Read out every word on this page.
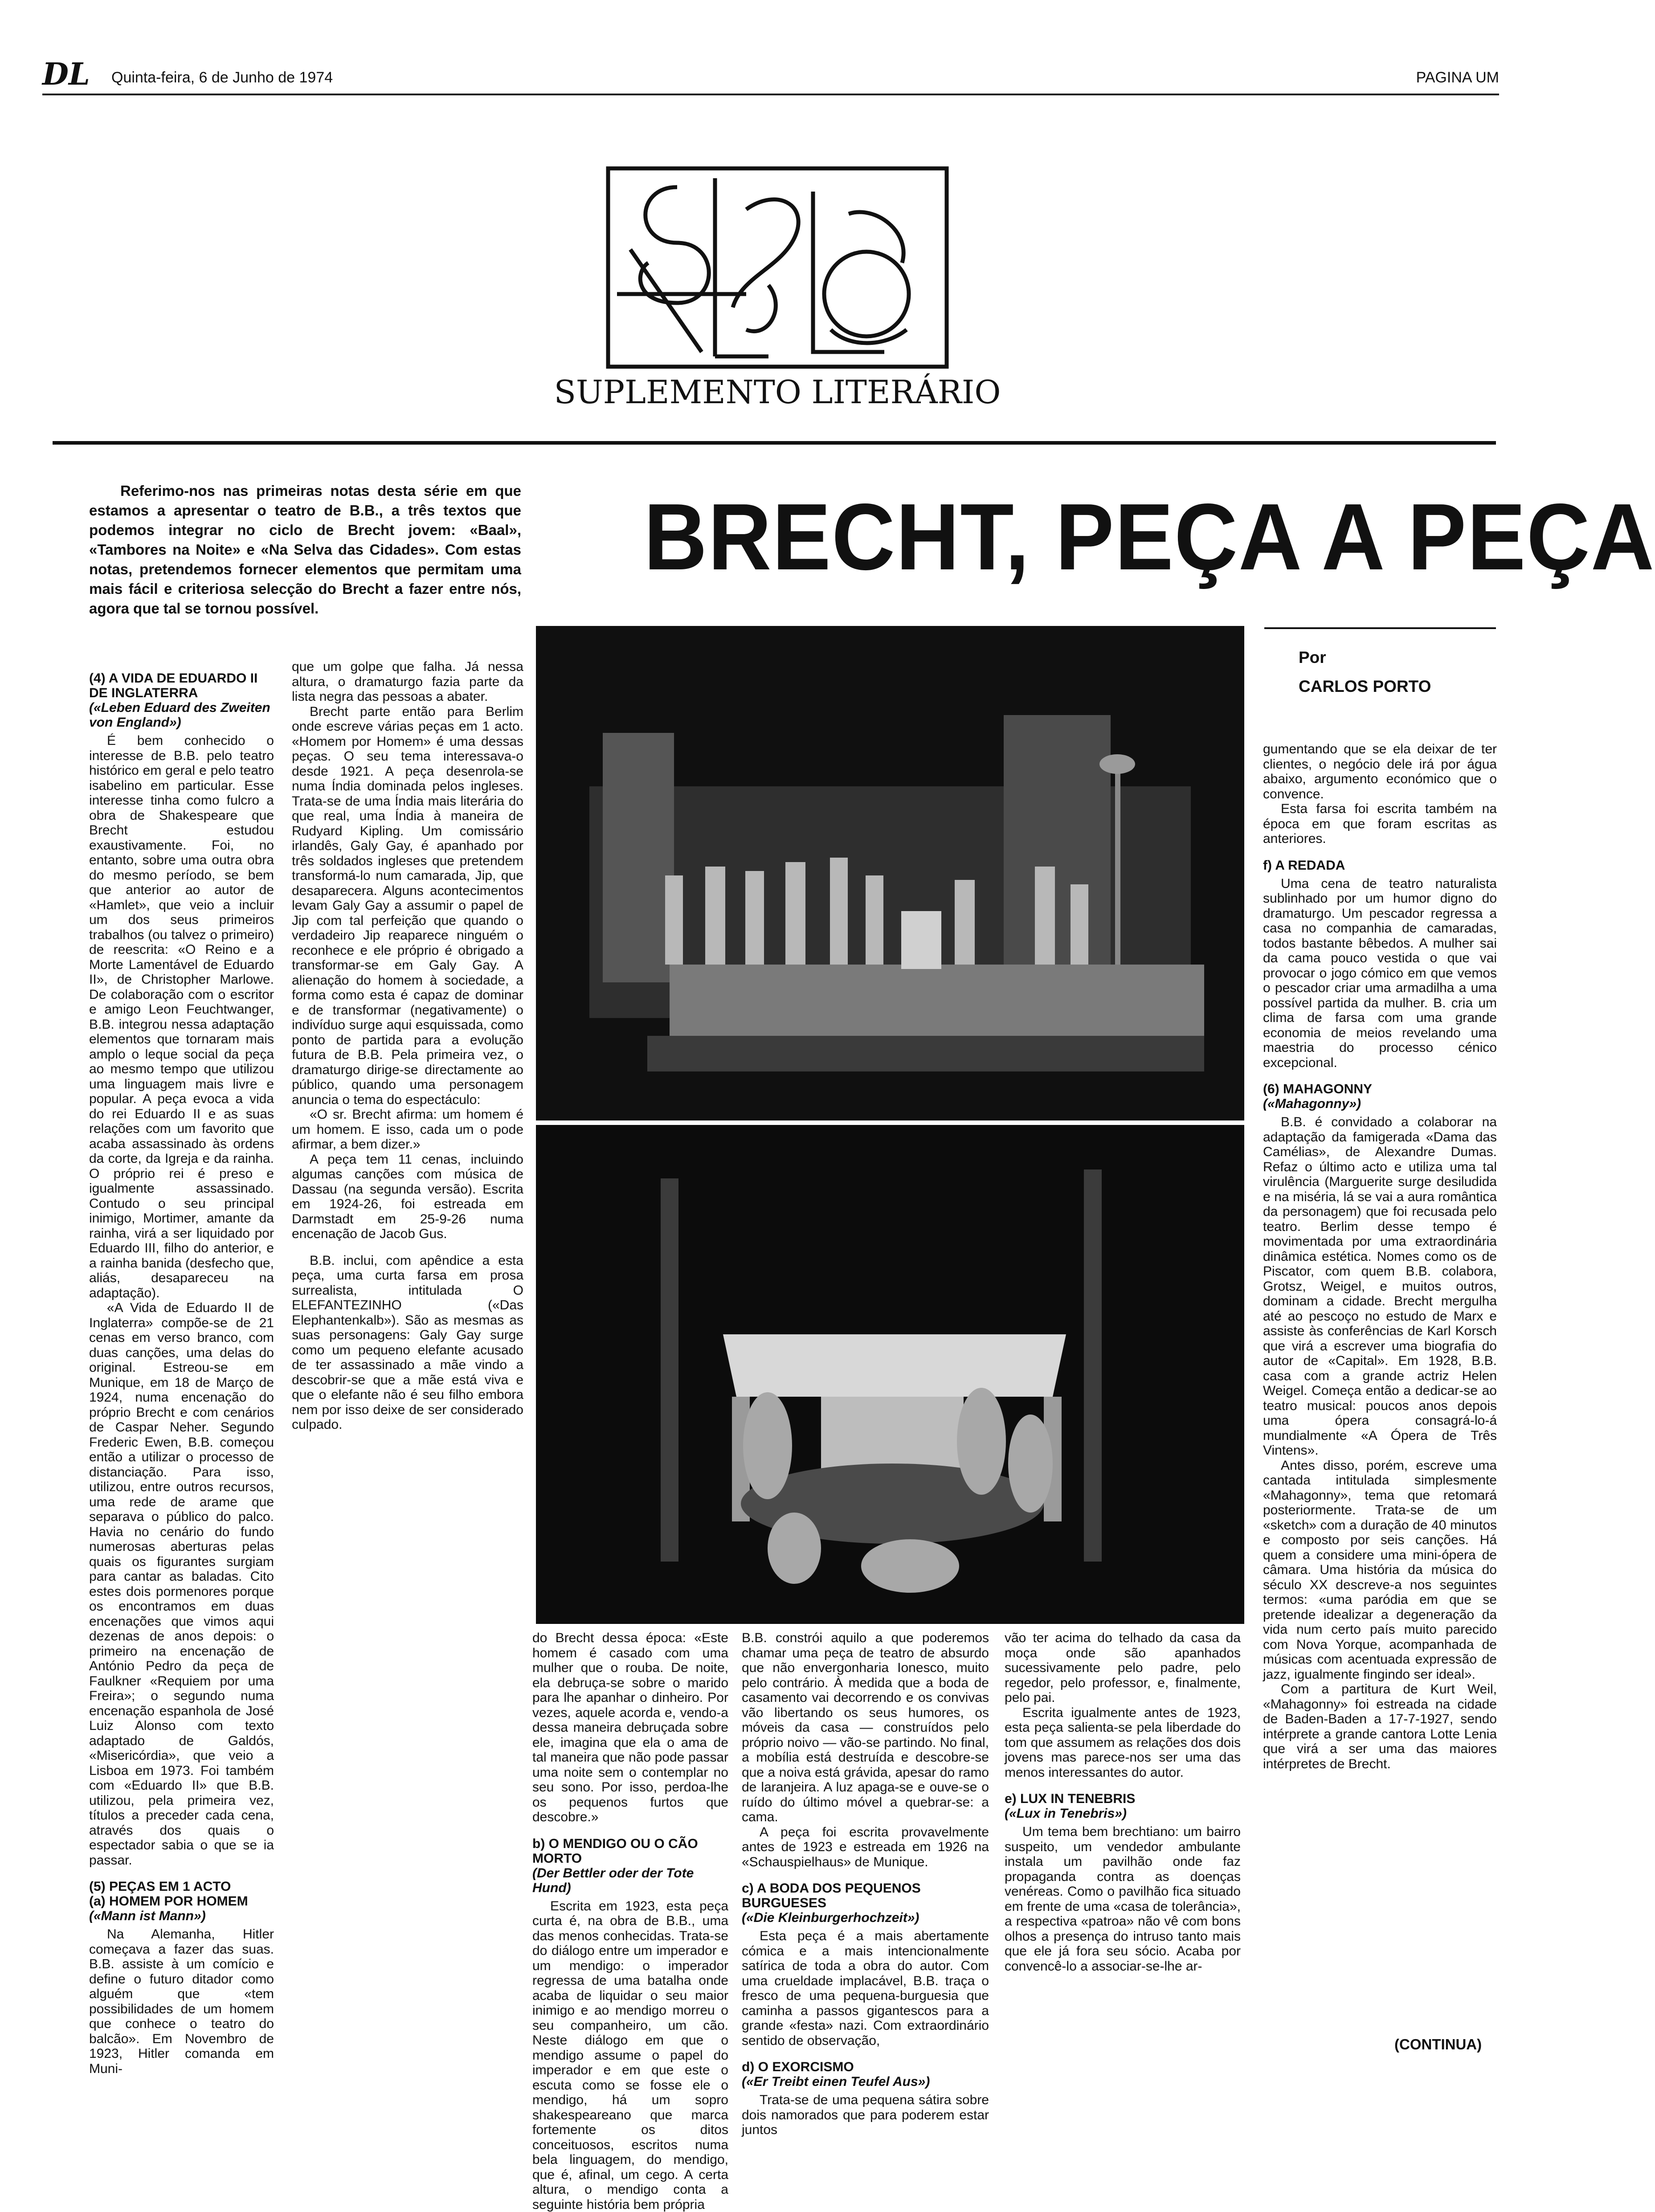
DL Quinta-feira, 6 de Junho de 1974	PAGINA UM
SUPLEMENTO LITERÁRIO
Referimo-nos nas primeiras notas desta série em que estamos a apresentar o teatro de B.B., a três textos que podemos integrar no ciclo de Brecht jovem: «Baal», «Tambores na Noite» e «Na Selva das Cidades». Com estas notas, pretendemos fornecer elementos que permitam uma mais fácil e criteriosa selecção do Brecht a fazer entre nós, agora que tal se tornou possível.
BRECHT, PEÇA A PEÇA
Por
CARLOS PORTO
(4) A VIDA DE EDUARDO II DE INGLATERRA
(«Leben Eduard des Zweiten von England»)

É bem conhecido o interesse de B.B. pelo teatro histórico em geral e pelo teatro isabelino em particular. Esse interesse tinha como fulcro a obra de Shakespeare que Brecht estudou exaustivamente. Foi, no entanto, sobre uma outra obra do mesmo período, se bem que anterior ao autor de «Hamlet», que veio a incluir um dos seus primeiros trabalhos (ou talvez o primeiro) de reescrita: «O Reino e a Morte Lamentável de Eduardo II», de Christopher Marlowe. De colaboração com o escritor e amigo Leon Feuchtwanger, B.B. integrou nessa adaptação elementos que tornaram mais amplo o leque social da peça ao mesmo tempo que utilizou uma linguagem mais livre e popular. A peça evoca a vida do rei Eduardo II e as suas relações com um favorito que acaba assassinado às ordens da corte, da Igreja e da rainha. O próprio rei é preso e igualmente assassinado. Contudo o seu principal inimigo, Mortimer, amante da rainha, virá a ser liquidado por Eduardo III, filho do anterior, e a rainha banida (desfecho que, aliás, desapareceu na adaptação).

«A Vida de Eduardo II de Inglaterra» compõe-se de 21 cenas em verso branco, com duas canções, uma delas do original. Estreou-se em Munique, em 18 de Março de 1924, numa encenação do próprio Brecht e com cenários de Caspar Neher. Segundo Frederic Ewen, B.B. começou então a utilizar o processo de distanciação. Para isso, utilizou, entre outros recursos, uma rede de arame que separava o público do palco. Havia no cenário do fundo numerosas aberturas pelas quais os figurantes surgiam para cantar as baladas. Cito estes dois pormenores porque os encontramos em duas encenações que vimos aqui dezenas de anos depois: o primeiro na encenação de António Pedro da peça de Faulkner «Requiem por uma Freira»; o segundo numa encenação espanhola de José Luiz Alonso com texto adaptado de Galdós, «Misericórdia», que veio a Lisboa em 1973. Foi também com «Eduardo II» que B.B. utilizou, pela primeira vez, títulos a preceder cada cena, através dos quais o espectador sabia o que se ia passar.

(5) PEÇAS EM 1 ACTO
(a) HOMEM POR HOMEM
(«Mann ist Mann»)

Na Alemanha, Hitler começava a fazer das suas. B.B. assiste à um comício e define o futuro ditador como alguém que «tem possibilidades de um homem que conhece o teatro do balcão». Em Novembro de 1923, Hitler comanda em Muni-

que um golpe que falha. Já nessa altura, o dramaturgo fazia parte da lista negra das pessoas a abater.

Brecht parte então para Berlim onde escreve várias peças em 1 acto. «Homem por Homem» é uma dessas peças. O seu tema interessava-o desde 1921. A peça desenrola-se numa Índia dominada pelos ingleses. Trata-se de uma Índia mais literária do que real, uma Índia à maneira de Rudyard Kipling. Um comissário irlandês, Galy Gay, é apanhado por três soldados ingleses que pretendem transformá-lo num camarada, Jip, que desaparecera. Alguns acontecimentos levam Galy Gay a assumir o papel de Jip com tal perfeição que quando o verdadeiro Jip reaparece ninguém o reconhece e ele próprio é obrigado a transformar-se em Galy Gay. A alienação do homem à sociedade, a forma como esta é capaz de dominar e de transformar (negativamente) o indivíduo surge aqui esquissada, como ponto de partida para a evolução futura de B.B. Pela primeira vez, o dramaturgo dirige-se directamente ao público, quando uma personagem anuncia o tema do espectáculo:

«O sr. Brecht afirma: um homem é um homem. E isso, cada um o pode afirmar, a bem dizer.»

A peça tem 11 cenas, incluindo algumas canções com música de Dassau (na segunda versão). Escrita em 1924-26, foi estreada em Darmstadt em 25-9-26 numa encenação de Jacob Gus.

B.B. inclui, com apêndice a esta peça, uma curta farsa em prosa surrealista, intitulada O ELEFANTEZINHO («Das Elephantenkalb»). São as mesmas as suas personagens: Galy Gay surge como um pequeno elefante acusado de ter assassinado a mãe vindo a descobrir-se que a mãe está viva e que o elefante não é seu filho embora nem por isso deixe de ser considerado culpado.

do Brecht dessa época: «Este homem é casado com uma mulher que o rouba. De noite, ela debruça-se sobre o marido para lhe apanhar o dinheiro. Por vezes, aquele acorda e, vendo-a dessa maneira debruçada sobre ele, imagina que ela o ama de tal maneira que não pode passar uma noite sem o contemplar no seu sono. Por isso, perdoa-lhe os pequenos furtos que descobre.»

b) O MENDIGO OU O CÃO MORTO
(Der Bettler oder der Tote Hund)

Escrita em 1923, esta peça curta é, na obra de B.B., uma das menos conhecidas. Trata-se do diálogo entre um imperador e um mendigo: o imperador regressa de uma batalha onde acaba de liquidar o seu maior inimigo e ao mendigo morreu o seu companheiro, um cão. Neste diálogo em que o mendigo assume o papel do imperador e em que este o escuta como se fosse ele o mendigo, há um sopro shakespeareano que marca fortemente os ditos conceituosos, escritos numa bela linguagem, do mendigo, que é, afinal, um cego. A certa altura, o mendigo conta a seguinte história bem própria

B.B. constrói aquilo a que poderemos chamar uma peça de teatro de absurdo que não envergonharia Ionesco, muito pelo contrário. À medida que a boda de casamento vai decorrendo e os convivas vão libertando os seus humores, os móveis da casa — construídos pelo próprio noivo — vão-se partindo. No final, a mobília está destruída e descobre-se que a noiva está grávida, apesar do ramo de laranjeira. A luz apaga-se e ouve-se o ruído do último móvel a quebrar-se: a cama.

A peça foi escrita provavelmente antes de 1923 e estreada em 1926 na «Schauspielhaus» de Munique.

c) A BODA DOS PEQUENOS BURGUESES
(«Die Kleinburgerhochzeit»)

Esta peça é a mais abertamente cómica e a mais intencionalmente satírica de toda a obra do autor. Com uma crueldade implacável, B.B. traça o fresco de uma pequena-burguesia que caminha a passos gigantescos para a grande «festa» nazi. Com extraordinário sentido de observação,

d) O EXORCISMO
(«Er Treibt einen Teufel Aus»)

Trata-se de uma pequena sátira sobre dois namorados que para poderem estar juntos

vão ter acima do telhado da casa da moça onde são apanhados sucessivamente pelo padre, pelo regedor, pelo professor, e, finalmente, pelo pai.

Escrita igualmente antes de 1923, esta peça salienta-se pela liberdade do tom que assumem as relações dos dois jovens mas parece-nos ser uma das menos interessantes do autor.

e) LUX IN TENEBRIS
(«Lux in Tenebris»)

Um tema bem brechtiano: um bairro suspeito, um vendedor ambulante instala um pavilhão onde faz propaganda contra as doenças venéreas. Como o pavilhão fica situado em frente de uma «casa de tolerância», a respectiva «patroa» não vê com bons olhos a presença do intruso tanto mais que ele já fora seu sócio. Acaba por convencê-lo a associar-se-lhe ar-

gumentando que se ela deixar de ter clientes, o negócio dele irá por água abaixo, argumento económico que o convence.

Esta farsa foi escrita também na época em que foram escritas as anteriores.

f) A REDADA

Uma cena de teatro naturalista sublinhado por um humor digno do dramaturgo. Um pescador regressa a casa no companhia de camaradas, todos bastante bêbedos. A mulher sai da cama pouco vestida o que vai provocar o jogo cómico em que vemos o pescador criar uma armadilha a uma possível partida da mulher. B. cria um clima de farsa com uma grande economia de meios revelando uma maestria do processo cénico excepcional.

(6) MAHAGONNY
(«Mahagonny»)

B.B. é convidado a colaborar na adaptação da famigerada «Dama das Camélias», de Alexandre Dumas. Refaz o último acto e utiliza uma tal virulência (Marguerite surge desiludida e na miséria, lá se vai a aura romântica da personagem) que foi recusada pelo teatro. Berlim desse tempo é movimentada por uma extraordinária dinâmica estética. Nomes como os de Piscator, com quem B.B. colabora, Grotsz, Weigel, e muitos outros, dominam a cidade. Brecht mergulha até ao pescoço no estudo de Marx e assiste às conferências de Karl Korsch que virá a escrever uma biografia do autor de «Capital». Em 1928, B.B. casa com a grande actriz Helen Weigel. Começa então a dedicar-se ao teatro musical: poucos anos depois uma ópera consagrá-lo-á mundialmente «A Ópera de Três Vintens».

Antes disso, porém, escreve uma cantada intitulada simplesmente «Mahagonny», tema que retomará posteriormente. Trata-se de um «sketch» com a duração de 40 minutos e composto por seis canções. Há quem a considere uma mini-ópera de câmara. Uma história da música do século XX descreve-a nos seguintes termos: «uma paródia em que se pretende idealizar a degeneração da vida num certo país muito parecido com Nova Yorque, acompanhada de músicas com acentuada expressão de jazz, igualmente fingindo ser ideal».

Com a partitura de Kurt Weil, «Mahagonny» foi estreada na cidade de Baden-Baden a 17-7-1927, sendo intérprete a grande cantora Lotte Lenia que virá a ser uma das maiores intérpretes de Brecht.

(CONTINUA)
